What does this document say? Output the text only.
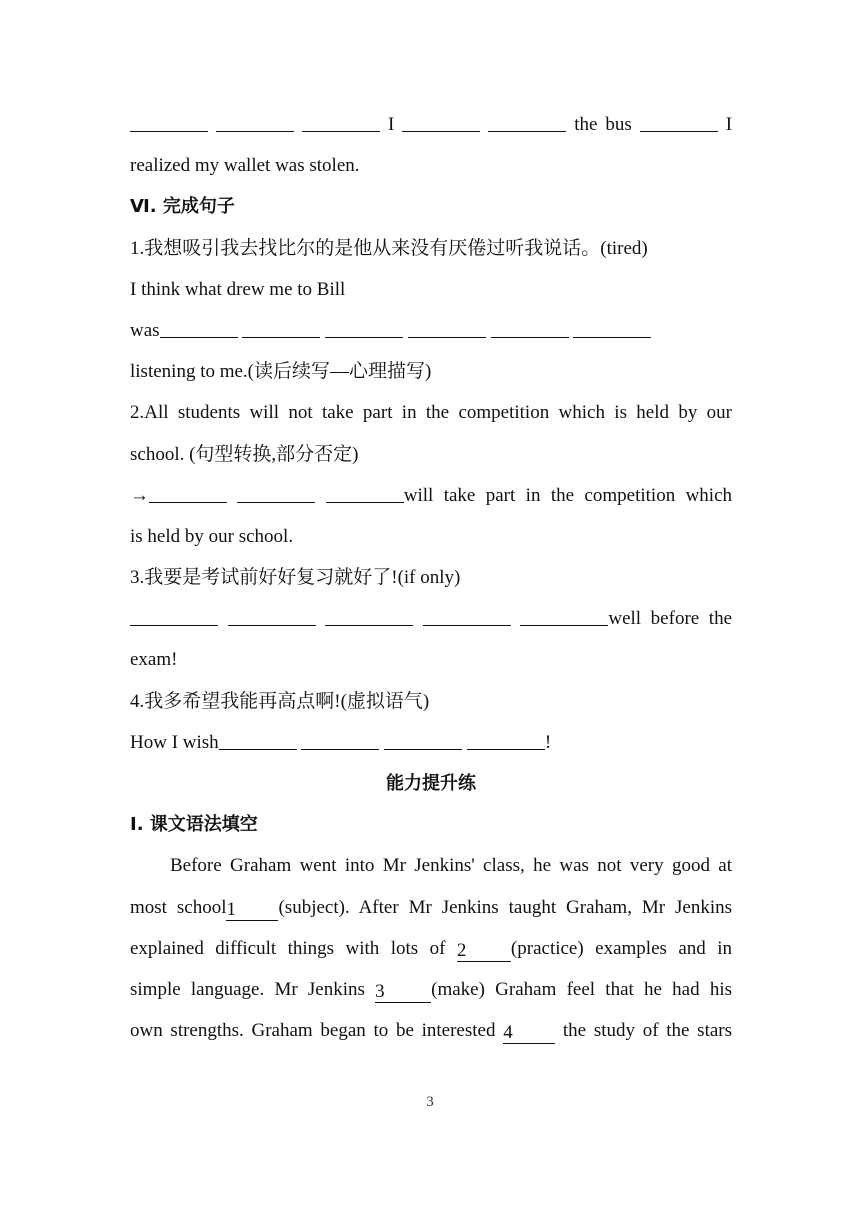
I	the bus	I
realized my wallet was stolen.
Ⅵ. 完成句子
1.我想吸引我去找比尔的是他从来没有厌倦过听我说话。(tired)
I think what drew me to Bill
was
listening to me.(读后续写—心理描写)
2.All students will not take part in the competition which is held by our
school. (句型转换,部分否定)
→	will take part in the competition which
is held by our school.
3.我要是考试前好好复习就好了!(if only)
well before the
exam!
4.我多希望我能再高点啊!(虚拟语气)
How I wish	!
能力提升练
Ⅰ. 课文语法填空
Before Graham went into Mr Jenkins' class, he was not very good at
most school1 (subject). After Mr Jenkins taught Graham, Mr Jenkins
explained difficult things with lots of 2 (practice) examples and in
simple language. Mr Jenkins 3 (make) Graham feel that he had his
own strengths. Graham began to be interested 4	the study of the stars
3
